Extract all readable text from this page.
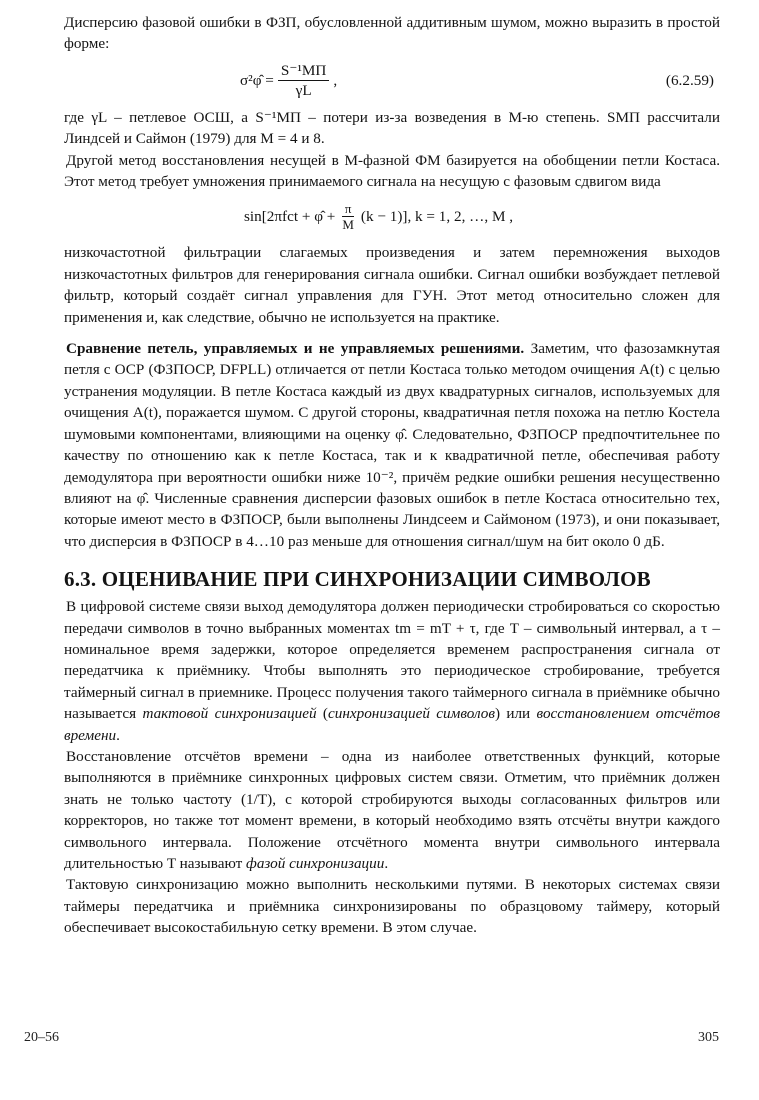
Дисперсию фазовой ошибки в ФЗП, обусловленной аддитивным шумом, можно выразить в простой форме:

σ²φ̂ = $\frac{\text{S⁻¹МП}}{\gamma L}$ ,	(6.2.59)

где γL – петлевое ОСШ, а S⁻¹МП – потери из-за возведения в M-ю степень. SМП рассчитали Линдсей и Саймон (1979) для M = 4 и 8.

Другой метод восстановления несущей в M-фазной ФМ базируется на обобщении петли Костаса. Этот метод требует умножения принимаемого сигнала на несущую с фазовым сдвигом вида

sin[2πfct + φ̂ + $\frac{\pi}{M} (k - 1)$], k = 1, 2, …, M ,

низкочастотной фильтрации слагаемых произведения и затем перемножения выходов низкочастотных фильтров для генерирования сигнала ошибки. Сигнал ошибки возбуждает петлевой фильтр, который создаёт сигнал управления для ГУН. Этот метод относительно сложен для применения и, как следствие, обычно не используется на практике.

Сравнение петель, управляемых и не управляемых решениями. Заметим, что фазозамкнутая петля с ОСР (ФЗПОСР, DFPLL) отличается от петли Костаса только методом очищения A(t) с целью устранения модуляции. В петле Костаса каждый из двух квадратурных сигналов, используемых для очищения A(t), поражается шумом. С другой стороны, квадратичная петля похожа на петлю Костела шумовыми компонентами, влияющими на оценку φ̂. Следовательно, ФЗПОСР предпочтительнее по качеству по отношению как к петле Костаса, так и к квадратичной петле, обеспечивая работу демодулятора при вероятности ошибки ниже 10⁻², причём редкие ошибки решения несущественно влияют на φ̂. Численные сравнения дисперсии фазовых ошибок в петле Костаса относительно тех, которые имеют место в ФЗПОСР, были выполнены Линдсеем и Саймоном (1973), и они показывает, что дисперсия в ФЗПОСР в 4…10 раз меньше для отношения сигнал/шум на бит около 0 дБ.

6.3. ОЦЕНИВАНИЕ ПРИ СИНХРОНИЗАЦИИ СИМВОЛОВ

В цифровой системе связи выход демодулятора должен периодически стробироваться со скоростью передачи символов в точно выбранных моментах tm = mT + τ, где T – символьный интервал, а τ – номинальное время задержки, которое определяется временем распространения сигнала от передатчика к приёмнику. Чтобы выполнять это периодическое стробирование, требуется таймерный сигнал в приемнике. Процесс получения такого таймерного сигнала в приёмнике обычно называется тактовой синхронизацией (синхронизацией символов) или восстановлением отсчётов времени.

Восстановление отсчётов времени – одна из наиболее ответственных функций, которые выполняются в приёмнике синхронных цифровых систем связи. Отметим, что приёмник должен знать не только частоту (1/T), с которой стробируются выходы согласованных фильтров или корректоров, но также тот момент времени, в который необходимо взять отсчёты внутри каждого символьного интервала. Положение отсчётного момента внутри символьного интервала длительностью T называют фазой синхронизации.

Тактовую синхронизацию можно выполнить несколькими путями. В некоторых системах связи таймеры передатчика и приёмника синхронизированы по образцовому таймеру, который обеспечивает высокостабильную сетку времени. В этом случае.

20–56	305
